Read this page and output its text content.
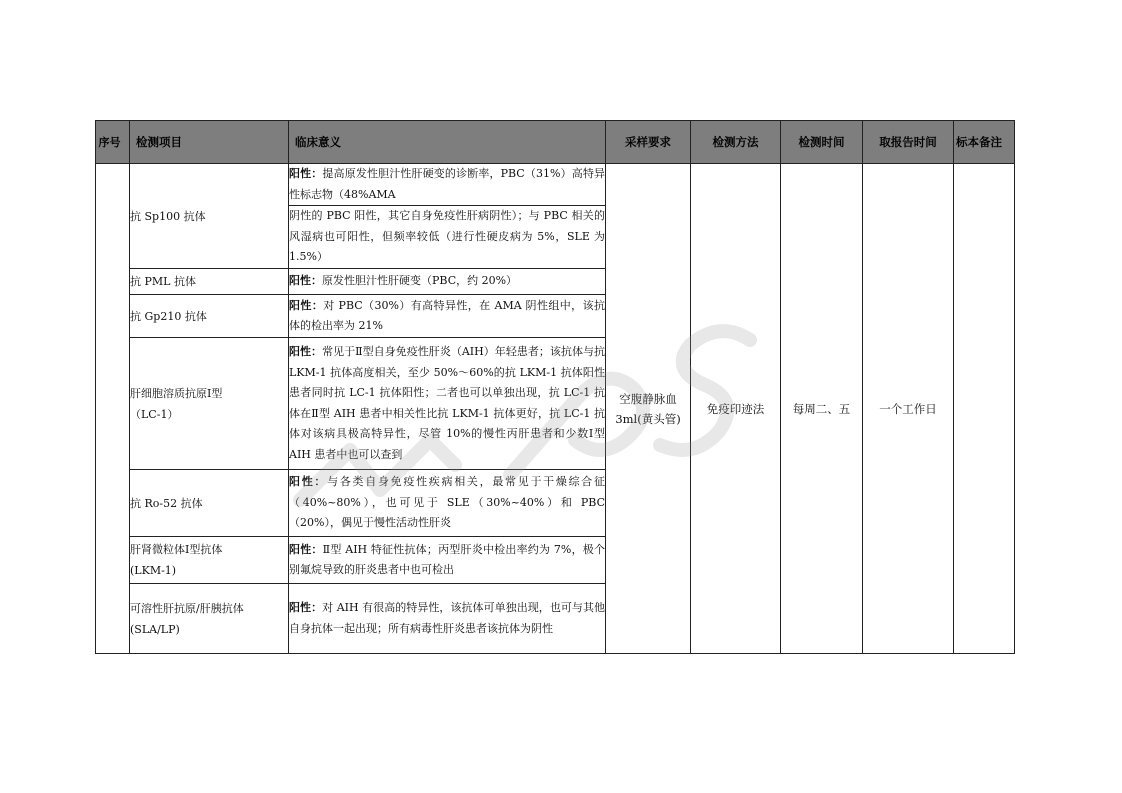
序号	检测项目	临床意义	采样要求	检测方法	检测时间	取报告时间	标本备注
	抗 Sp100 抗体	阳性：提高原发性胆汁性肝硬变的诊断率，PBC（31%）高特异性标志物（48%AMA	空腹静脉血
3ml(黄头管)	免疫印迹法	每周二、五	一个工作日	
		阴性的 PBC 阳性，其它自身免疫性肝病阴性）；与 PBC 相关的风湿病也可阳性，但频率较低（进行性硬皮病为 5%，SLE 为 1.5%）					
	抗 PML 抗体	阳性：原发性胆汁性肝硬变（PBC，约 20%）					
	抗 Gp210 抗体	阳性：对 PBC（30%）有高特异性，在 AMA 阴性组中，该抗体的检出率为 21%					
	肝细胞溶质抗原Ⅰ型
（LC-1）	阳性：常见于Ⅱ型自身免疫性肝炎（AIH）年轻患者；该抗体与抗 LKM-1 抗体高度相关，至少 50%～60%的抗 LKM-1 抗体阳性患者同时抗 LC-1 抗体阳性；二者也可以单独出现，抗 LC-1 抗体在Ⅱ型 AIH 患者中相关性比抗 LKM-1 抗体更好，抗 LC-1 抗体对该病具极高特异性，尽管 10%的慢性丙肝患者和少数Ⅰ型 AIH 患者中也可以查到					
	抗 Ro-52 抗体	阳性：与各类自身免疫性疾病相关，最常见于干燥综合征（40%~80%），也可见于 SLE（30%~40%）和 PBC（20%），偶见于慢性活动性肝炎					
	肝肾微粒体Ⅰ型抗体
(LKM-1)	阳性：Ⅱ型 AIH 特征性抗体；丙型肝炎中检出率约为 7%，极个别氟烷导致的肝炎患者中也可检出					
	可溶性肝抗原/肝胰抗体
(SLA/LP)	阳性：对 AIH 有很高的特异性，该抗体可单独出现，也可与其他自身抗体一起出现；所有病毒性肝炎患者该抗体为阴性					
